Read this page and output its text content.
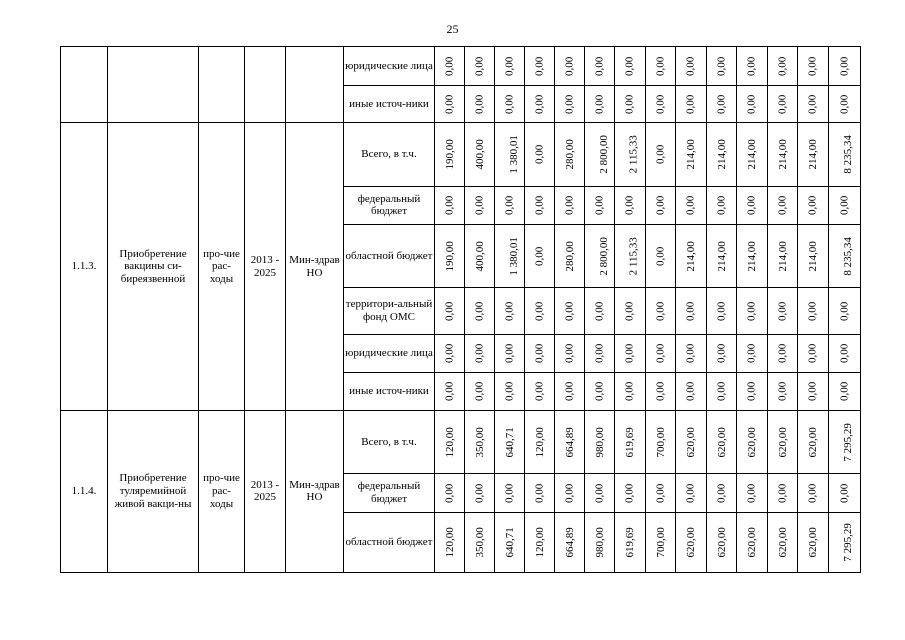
25
					юридические лица	0,00	0,00	0,00	0,00	0,00	0,00	0,00	0,00	0,00	0,00	0,00	0,00	0,00	0,00
					иные источ-ники	0,00	0,00	0,00	0,00	0,00	0,00	0,00	0,00	0,00	0,00	0,00	0,00	0,00	0,00
1.1.3.	Приобретение вакцины си-бирeязвенной	про-чие рас-ходы	2013 - 2025	Мин-здрав НО	Всего, в т.ч.	190,00	400,00	1 380,01	0,00	280,00	2 800,00	2 115,33	0,00	214,00	214,00	214,00	214,00	214,00	8 235,34
					федеральный бюджет	0,00	0,00	0,00	0,00	0,00	0,00	0,00	0,00	0,00	0,00	0,00	0,00	0,00	0,00
					областной бюджет	190,00	400,00	1 380,01	0,00	280,00	2 800,00	2 115,33	0,00	214,00	214,00	214,00	214,00	214,00	8 235,34
					территори-альный фонд ОМС	0,00	0,00	0,00	0,00	0,00	0,00	0,00	0,00	0,00	0,00	0,00	0,00	0,00	0,00
					юридические лица	0,00	0,00	0,00	0,00	0,00	0,00	0,00	0,00	0,00	0,00	0,00	0,00	0,00	0,00
					иные источ-ники	0,00	0,00	0,00	0,00	0,00	0,00	0,00	0,00	0,00	0,00	0,00	0,00	0,00	0,00
1.1.4.	Приобретение туляремийной живой вакци-ны	про-чие рас-ходы	2013 - 2025	Мин-здрав НО	Всего, в т.ч.	120,00	350,00	640,71	120,00	664,89	980,00	619,69	700,00	620,00	620,00	620,00	620,00	620,00	7 295,29
					федеральный бюджет	0,00	0,00	0,00	0,00	0,00	0,00	0,00	0,00	0,00	0,00	0,00	0,00	0,00	0,00
					областной бюджет	120,00	350,00	640,71	120,00	664,89	980,00	619,69	700,00	620,00	620,00	620,00	620,00	620,00	7 295,29
